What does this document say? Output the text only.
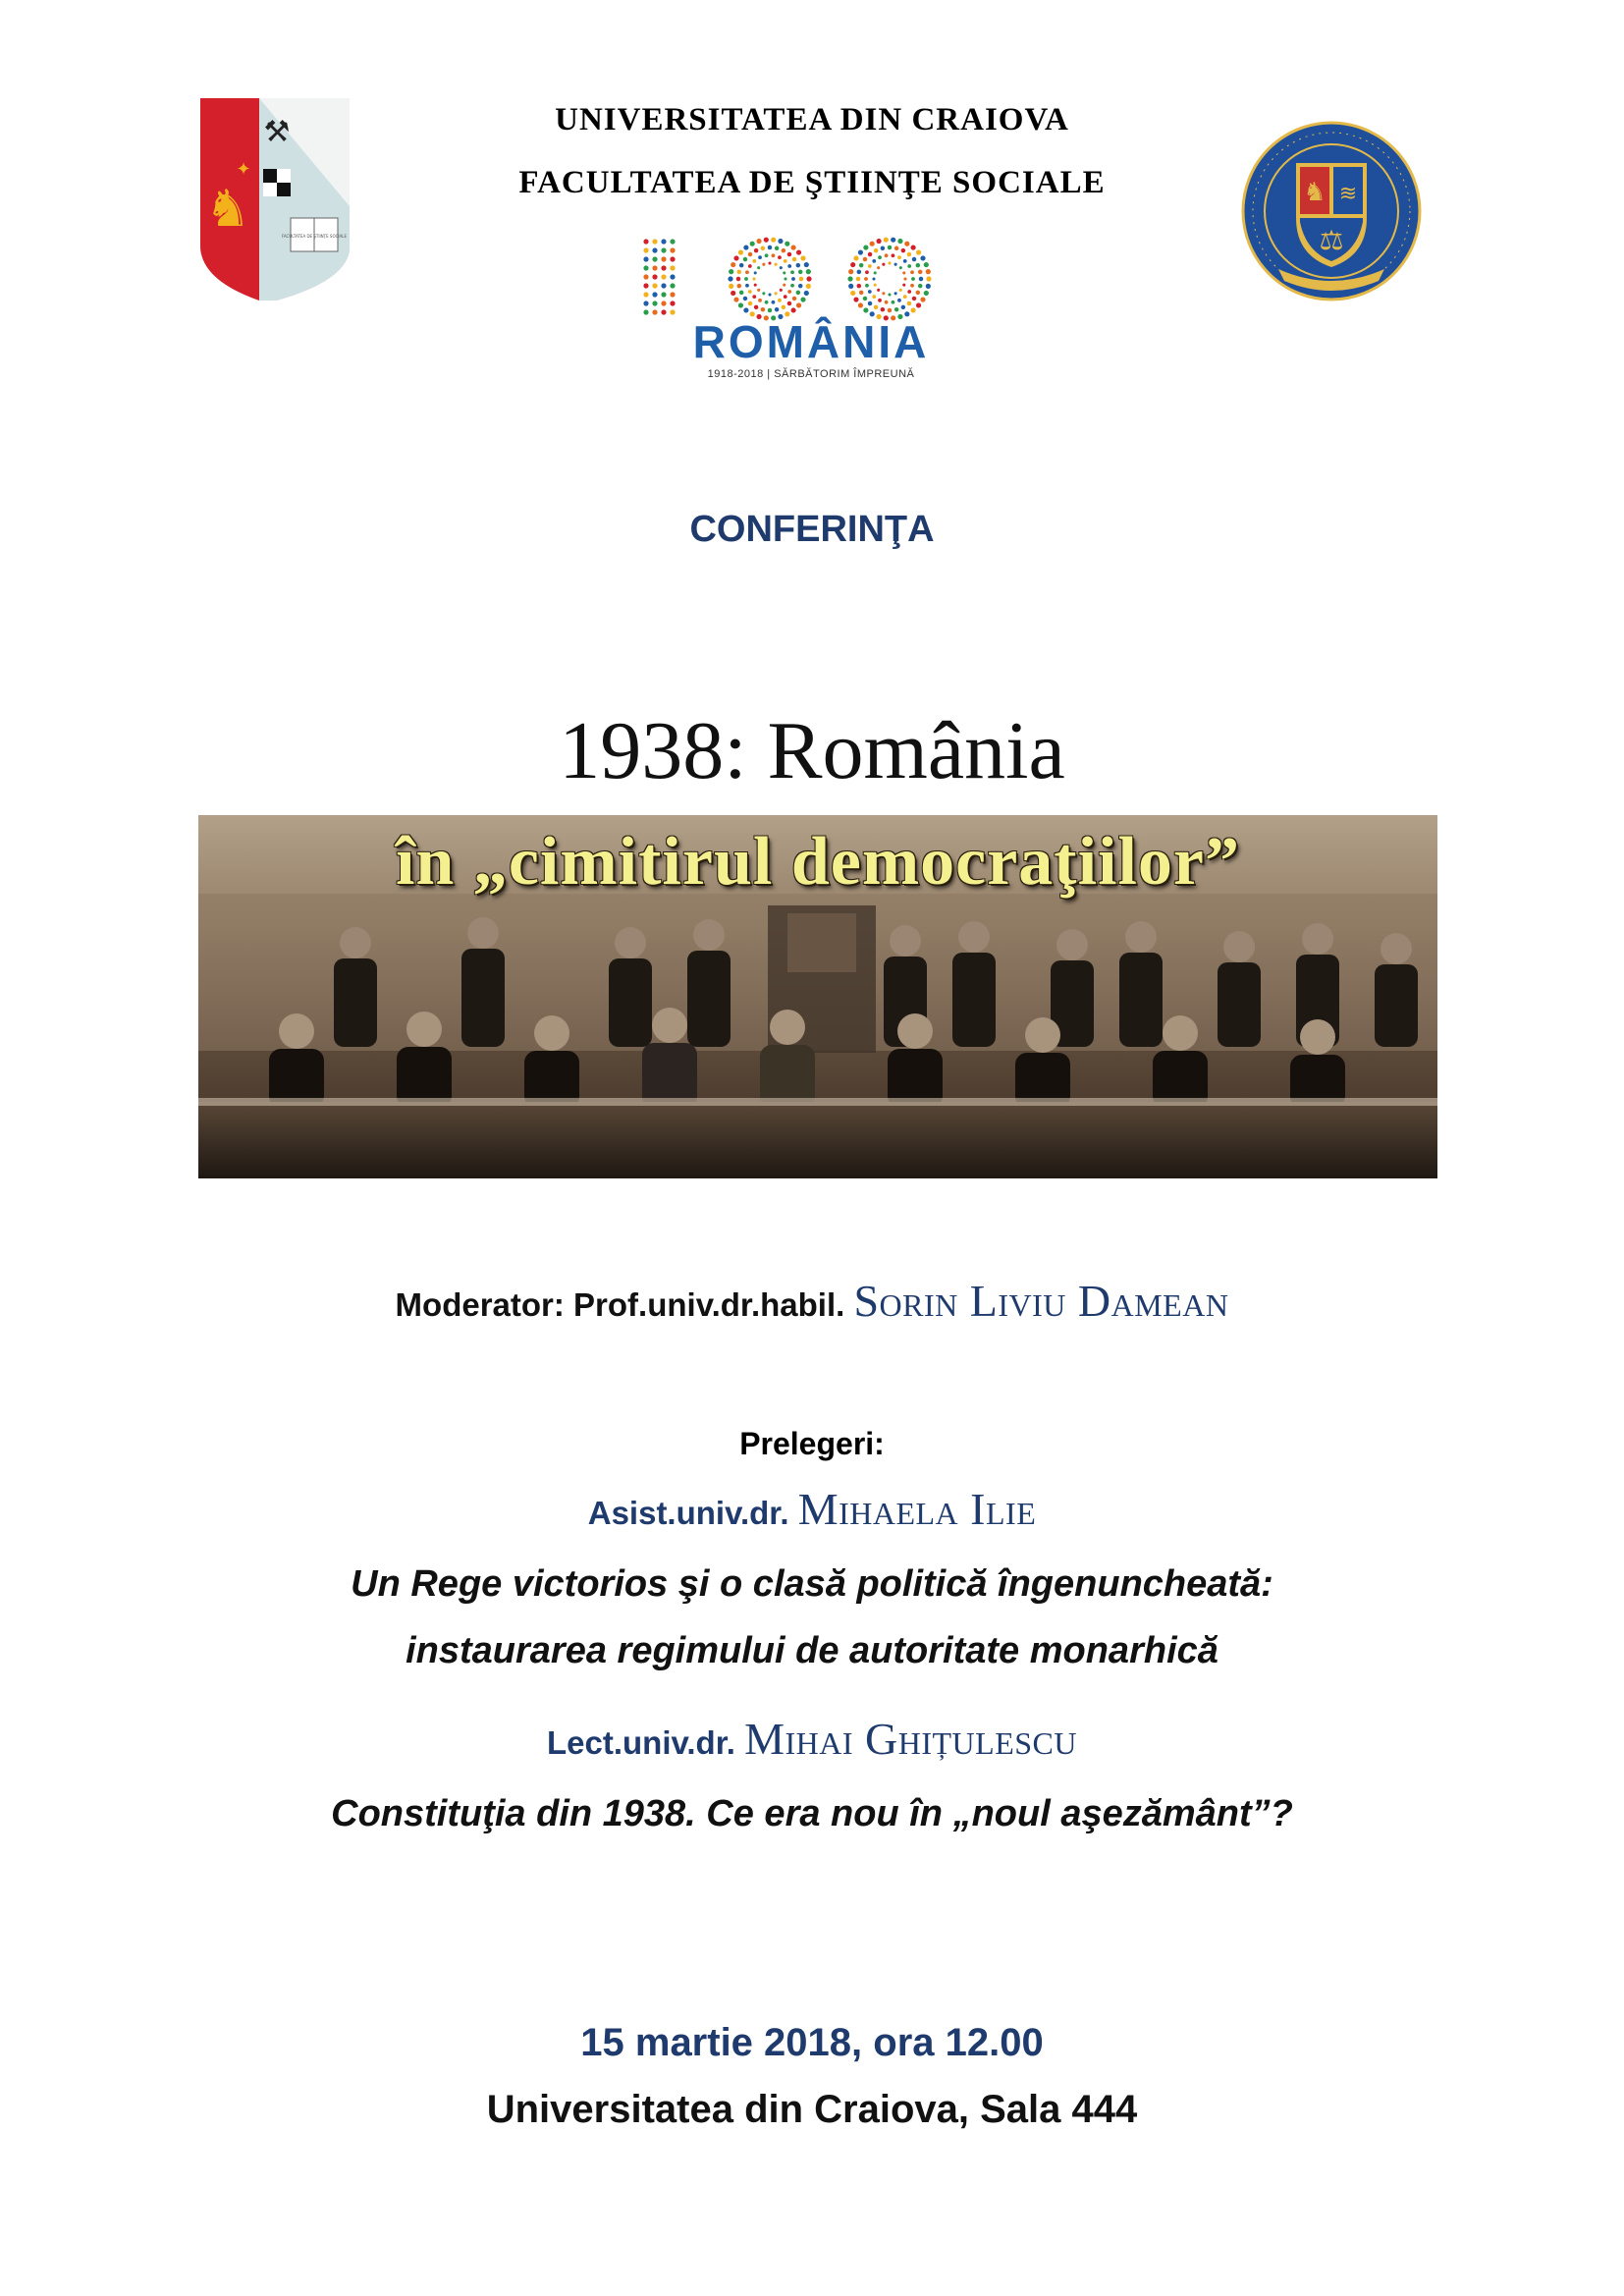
UNIVERSITATEA DIN CRAIOVA
FACULTATEA DE ŞTIINŢE SOCIALE
⚒
♞
✦
FACULTATEA DE ŞTIINŢE SOCIALE
ROMÂNIA
1918-2018 | SĂRBĂTORIM ÎMPREUNĂ
♞ ≋
⚖
CONFERINŢA
1938: România
în „cimitirul democraţiilor”
Moderator: Prof.univ.dr.habil. Sorin Liviu Damean
Prelegeri:
Asist.univ.dr. Mihaela Ilie
Un Rege victorios şi o clasă politică îngenuncheată:
instaurarea regimului de autoritate monarhică
Lect.univ.dr. Mihai Ghițulescu
Constituţia din 1938. Ce era nou în „noul aşezământ”?
15 martie 2018, ora 12.00
Universitatea din Craiova, Sala 444
